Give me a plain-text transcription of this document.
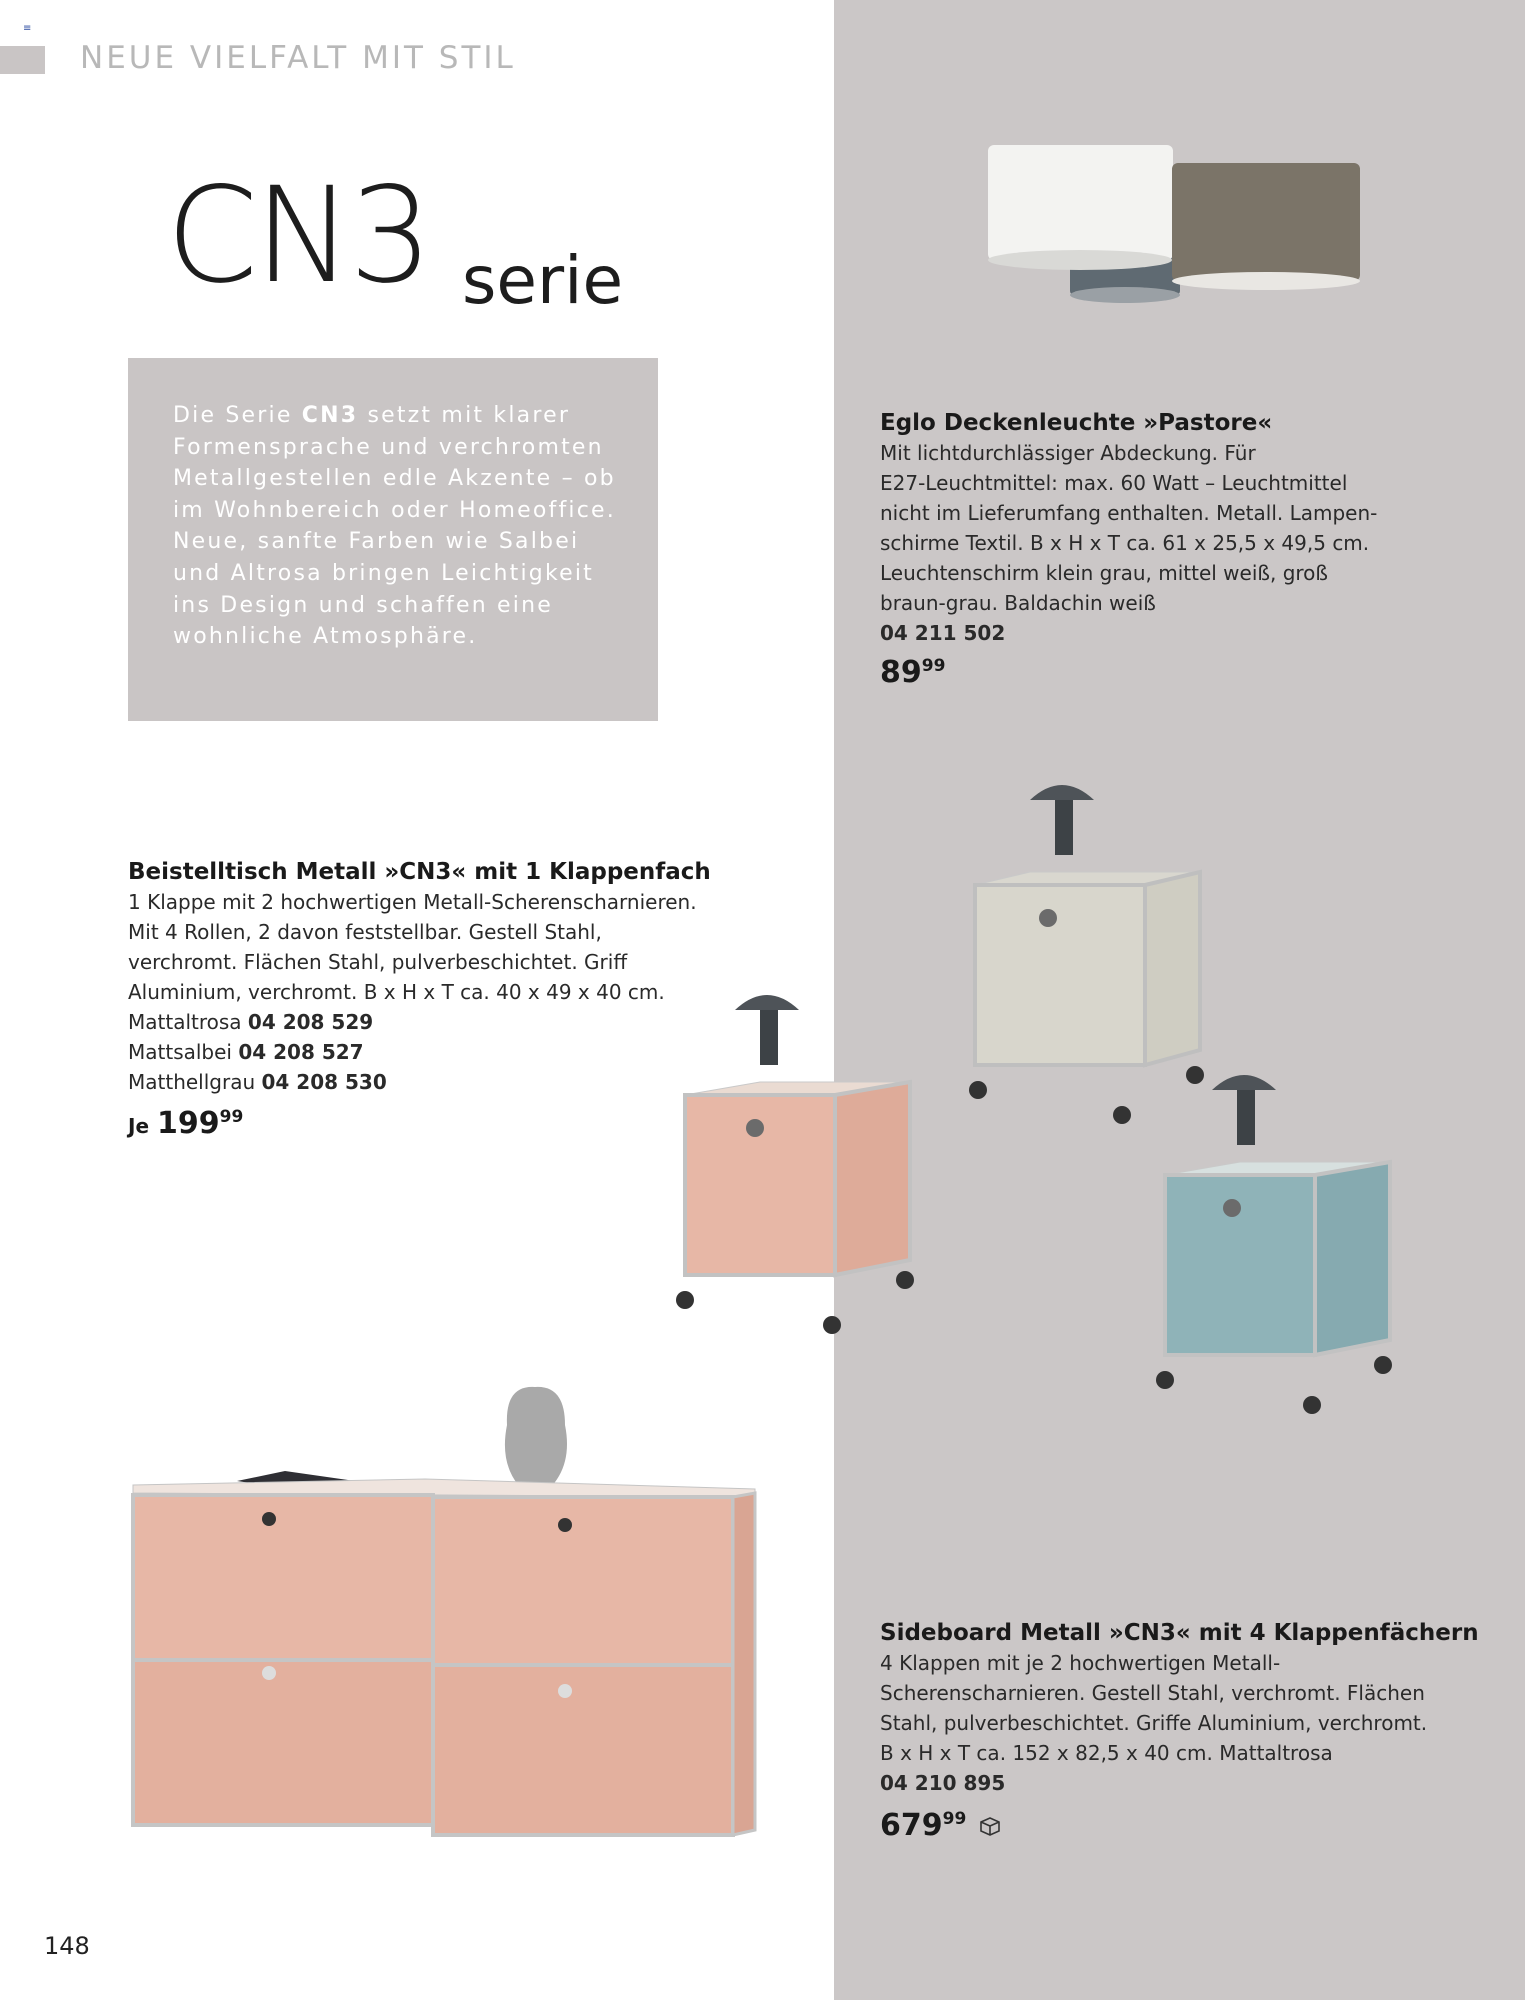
≡
NEUE VIELFALT MIT STIL
CN3 serie
Die Serie CN3 setzt mit klarer Formensprache und verchromten Metallgestellen edle Akzente – ob im Wohnbereich oder Homeoffice. Neue, sanfte Farben wie Salbei und Altrosa bringen Leichtigkeit ins Design und schaffen eine wohnliche Atmosphäre.
Eglo Deckenleuchte »Pastore«
Mit lichtdurchlässiger Abdeckung. Für
E27-Leuchtmittel: max. 60 Watt – Leuchtmittel
nicht im Lieferumfang enthalten. Metall. Lampen-
schirme Textil. B x H x T ca. 61 x 25,5 x 49,5 cm.
Leuchtenschirm klein grau, mittel weiß, groß
braun-grau. Baldachin weiß
04 211 502
$89^{99}$
Beistelltisch Metall »CN3« mit 1 Klappenfach
1 Klappe mit 2 hochwertigen Metall-Scherenscharnieren.
Mit 4 Rollen, 2 davon feststellbar. Gestell Stahl,
verchromt. Flächen Stahl, pulverbeschichtet. Griff
Aluminium, verchromt. B x H x T ca. 40 x 49 x 40 cm.
Mattaltrosa 04 208 529
Mattsalbei 04 208 527
Matthellgrau 04 208 530
Je $199^{99}$
Sideboard Metall »CN3« mit 4 Klappenfächern
4 Klappen mit je 2 hochwertigen Metall-
Scherenscharnieren. Gestell Stahl, verchromt. Flächen
Stahl, pulverbeschichtet. Griffe Aluminium, verchromt.
B x H x T ca. 152 x 82,5 x 40 cm. Mattaltrosa
04 210 895
$679^{99}$
148
